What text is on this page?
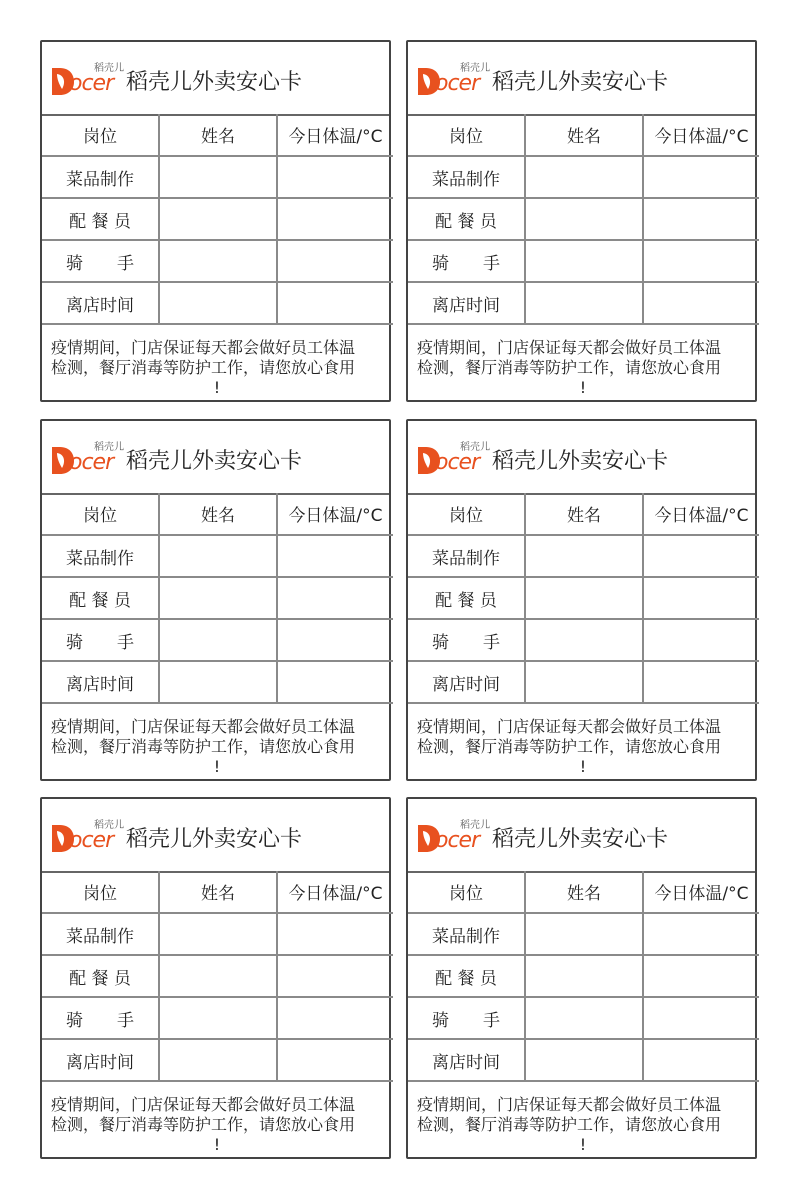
稻壳儿
ocer 稻壳儿外卖安心卡
岗位	姓名	今日体温/°C
菜品制作		
配 餐 员		
骑　　手		
离店时间		
疫情期间，门店保证每天都会做好员工体温
检测，餐厅消毒等防护工作，请您放心食用
!
稻壳儿
ocer 稻壳儿外卖安心卡
岗位	姓名	今日体温/°C
菜品制作		
配 餐 员		
骑　　手		
离店时间		
疫情期间，门店保证每天都会做好员工体温
检测，餐厅消毒等防护工作，请您放心食用
!
稻壳儿
ocer 稻壳儿外卖安心卡
岗位	姓名	今日体温/°C
菜品制作		
配 餐 员		
骑　　手		
离店时间		
疫情期间，门店保证每天都会做好员工体温
检测，餐厅消毒等防护工作，请您放心食用
!
稻壳儿
ocer 稻壳儿外卖安心卡
岗位	姓名	今日体温/°C
菜品制作		
配 餐 员		
骑　　手		
离店时间		
疫情期间，门店保证每天都会做好员工体温
检测，餐厅消毒等防护工作，请您放心食用
!
稻壳儿
ocer 稻壳儿外卖安心卡
岗位	姓名	今日体温/°C
菜品制作		
配 餐 员		
骑　　手		
离店时间		
疫情期间，门店保证每天都会做好员工体温
检测，餐厅消毒等防护工作，请您放心食用
!
稻壳儿
ocer 稻壳儿外卖安心卡
岗位	姓名	今日体温/°C
菜品制作		
配 餐 员		
骑　　手		
离店时间		
疫情期间，门店保证每天都会做好员工体温
检测，餐厅消毒等防护工作，请您放心食用
!
